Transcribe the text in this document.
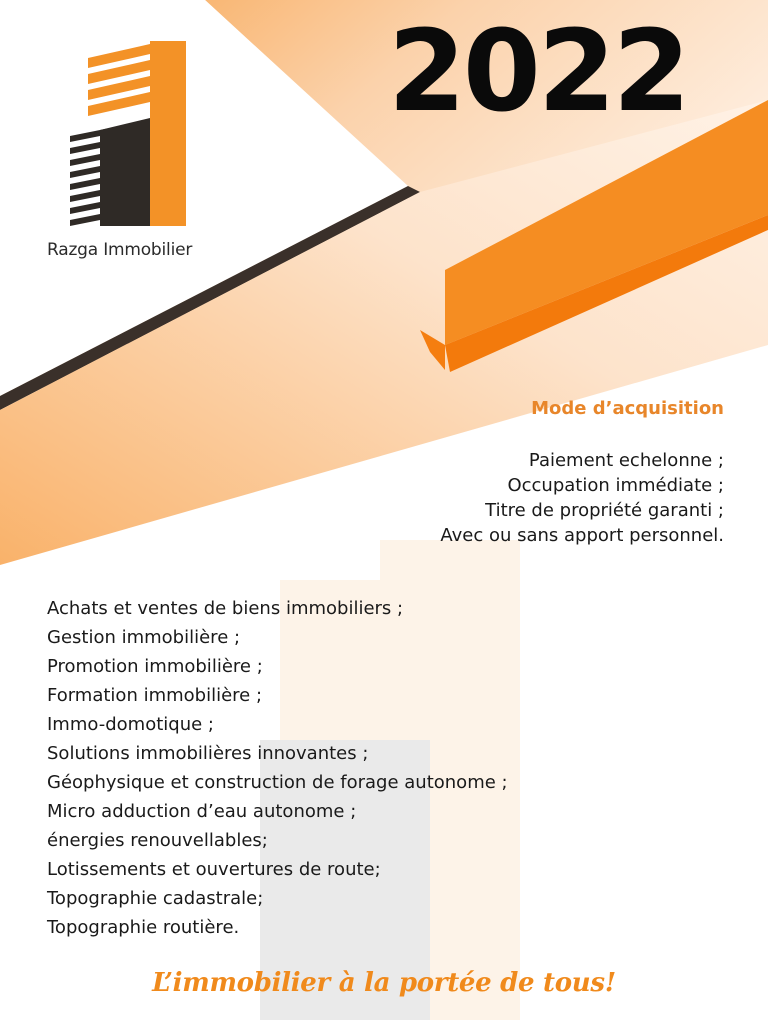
Razga Immobilier
2022
Mode d’acquisition
Paiement echelonne ;
Occupation immédiate ;
Titre de propriété garanti ;
Avec ou sans apport personnel.
Achats et ventes de biens immobiliers ;
Gestion immobilière ;
Promotion immobilière ;
Formation immobilière ;
Immo-domotique ;
Solutions immobilières innovantes ;
Géophysique et construction de forage autonome ;
Micro adduction d’eau autonome ;
énergies renouvellables;
Lotissements et ouvertures de route;
Topographie cadastrale;
Topographie routière.
L’immobilier à la portée de tous!
